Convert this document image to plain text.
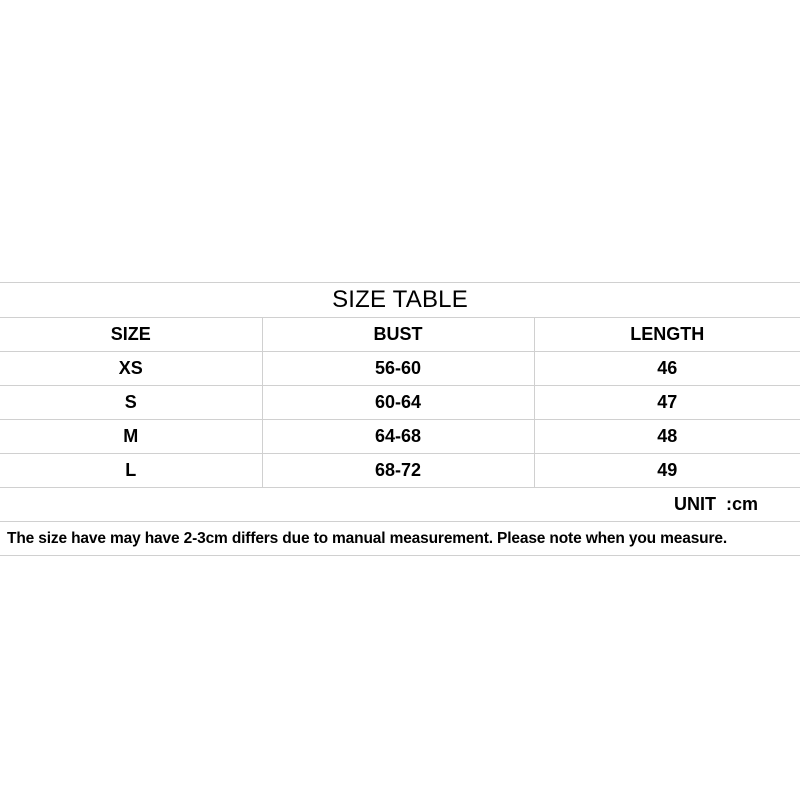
SIZE TABLE		
SIZE	BUST	LENGTH
XS	56-60	46
S	60-64	47
M	64-68	48
L	68-72	49
UNIT  :cm		
The size have may have 2-3cm differs due to manual measurement. Please note when you measure.		
